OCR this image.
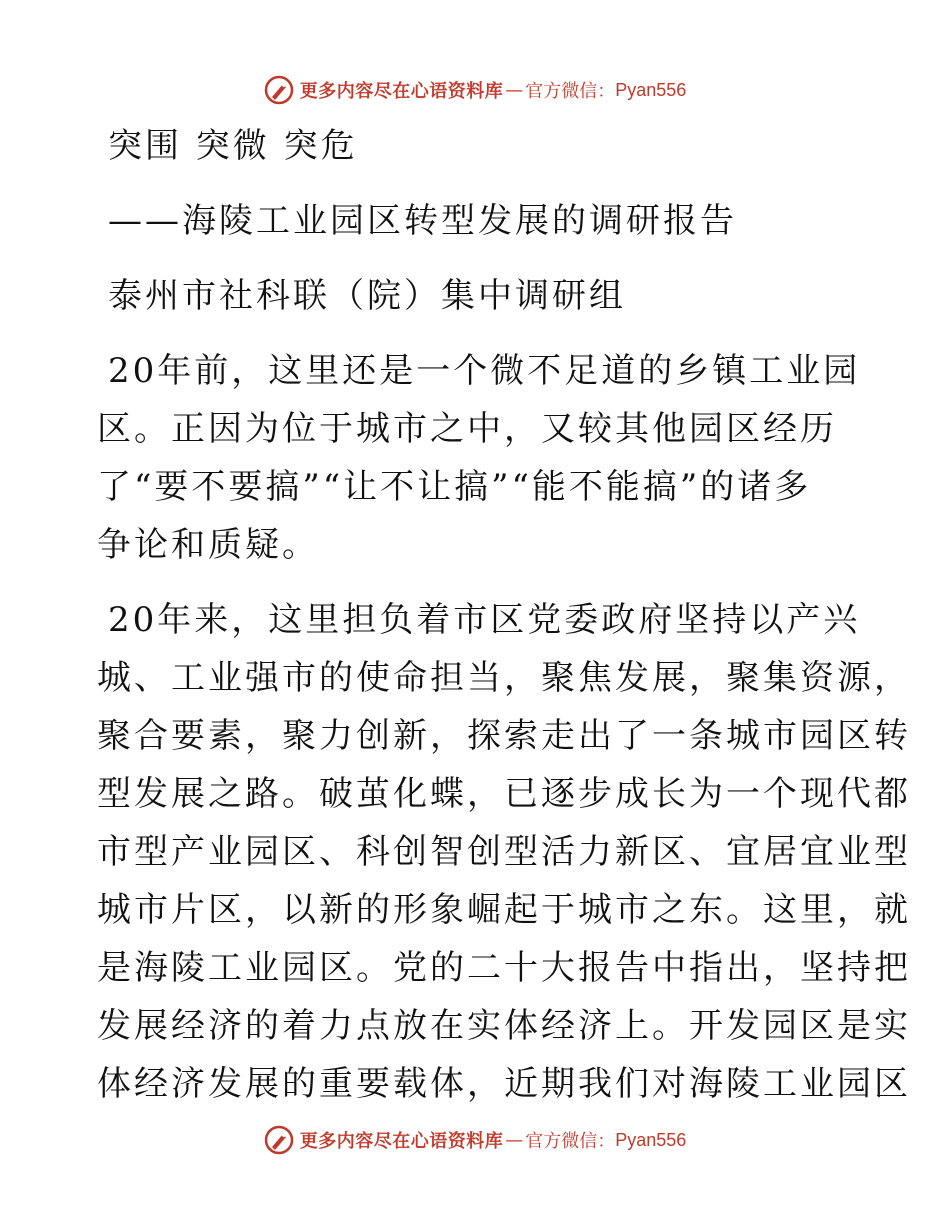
更多内容尽在心语资料库 — 官方微信： Pyan556
突围 突微 突危
——海陵工业园区转型发展的调研报告
泰州市社科联（院）集中调研组
20年前，这里还是一个微不足道的乡镇工业园
区。正因为位于城市之中，又较其他园区经历
了“要不要搞”“让不让搞”“能不能搞”的诸多
争论和质疑。
20年来，这里担负着市区党委政府坚持以产兴
城、工业强市的使命担当，聚焦发展，聚集资源，
聚合要素，聚力创新，探索走出了一条城市园区转
型发展之路。破茧化蝶，已逐步成长为一个现代都
市型产业园区、科创智创型活力新区、宜居宜业型
城市片区，以新的形象崛起于城市之东。这里，就
是海陵工业园区。党的二十大报告中指出，坚持把
发展经济的着力点放在实体经济上。开发园区是实
体经济发展的重要载体，近期我们对海陵工业园区
更多内容尽在心语资料库 — 官方微信： Pyan556
